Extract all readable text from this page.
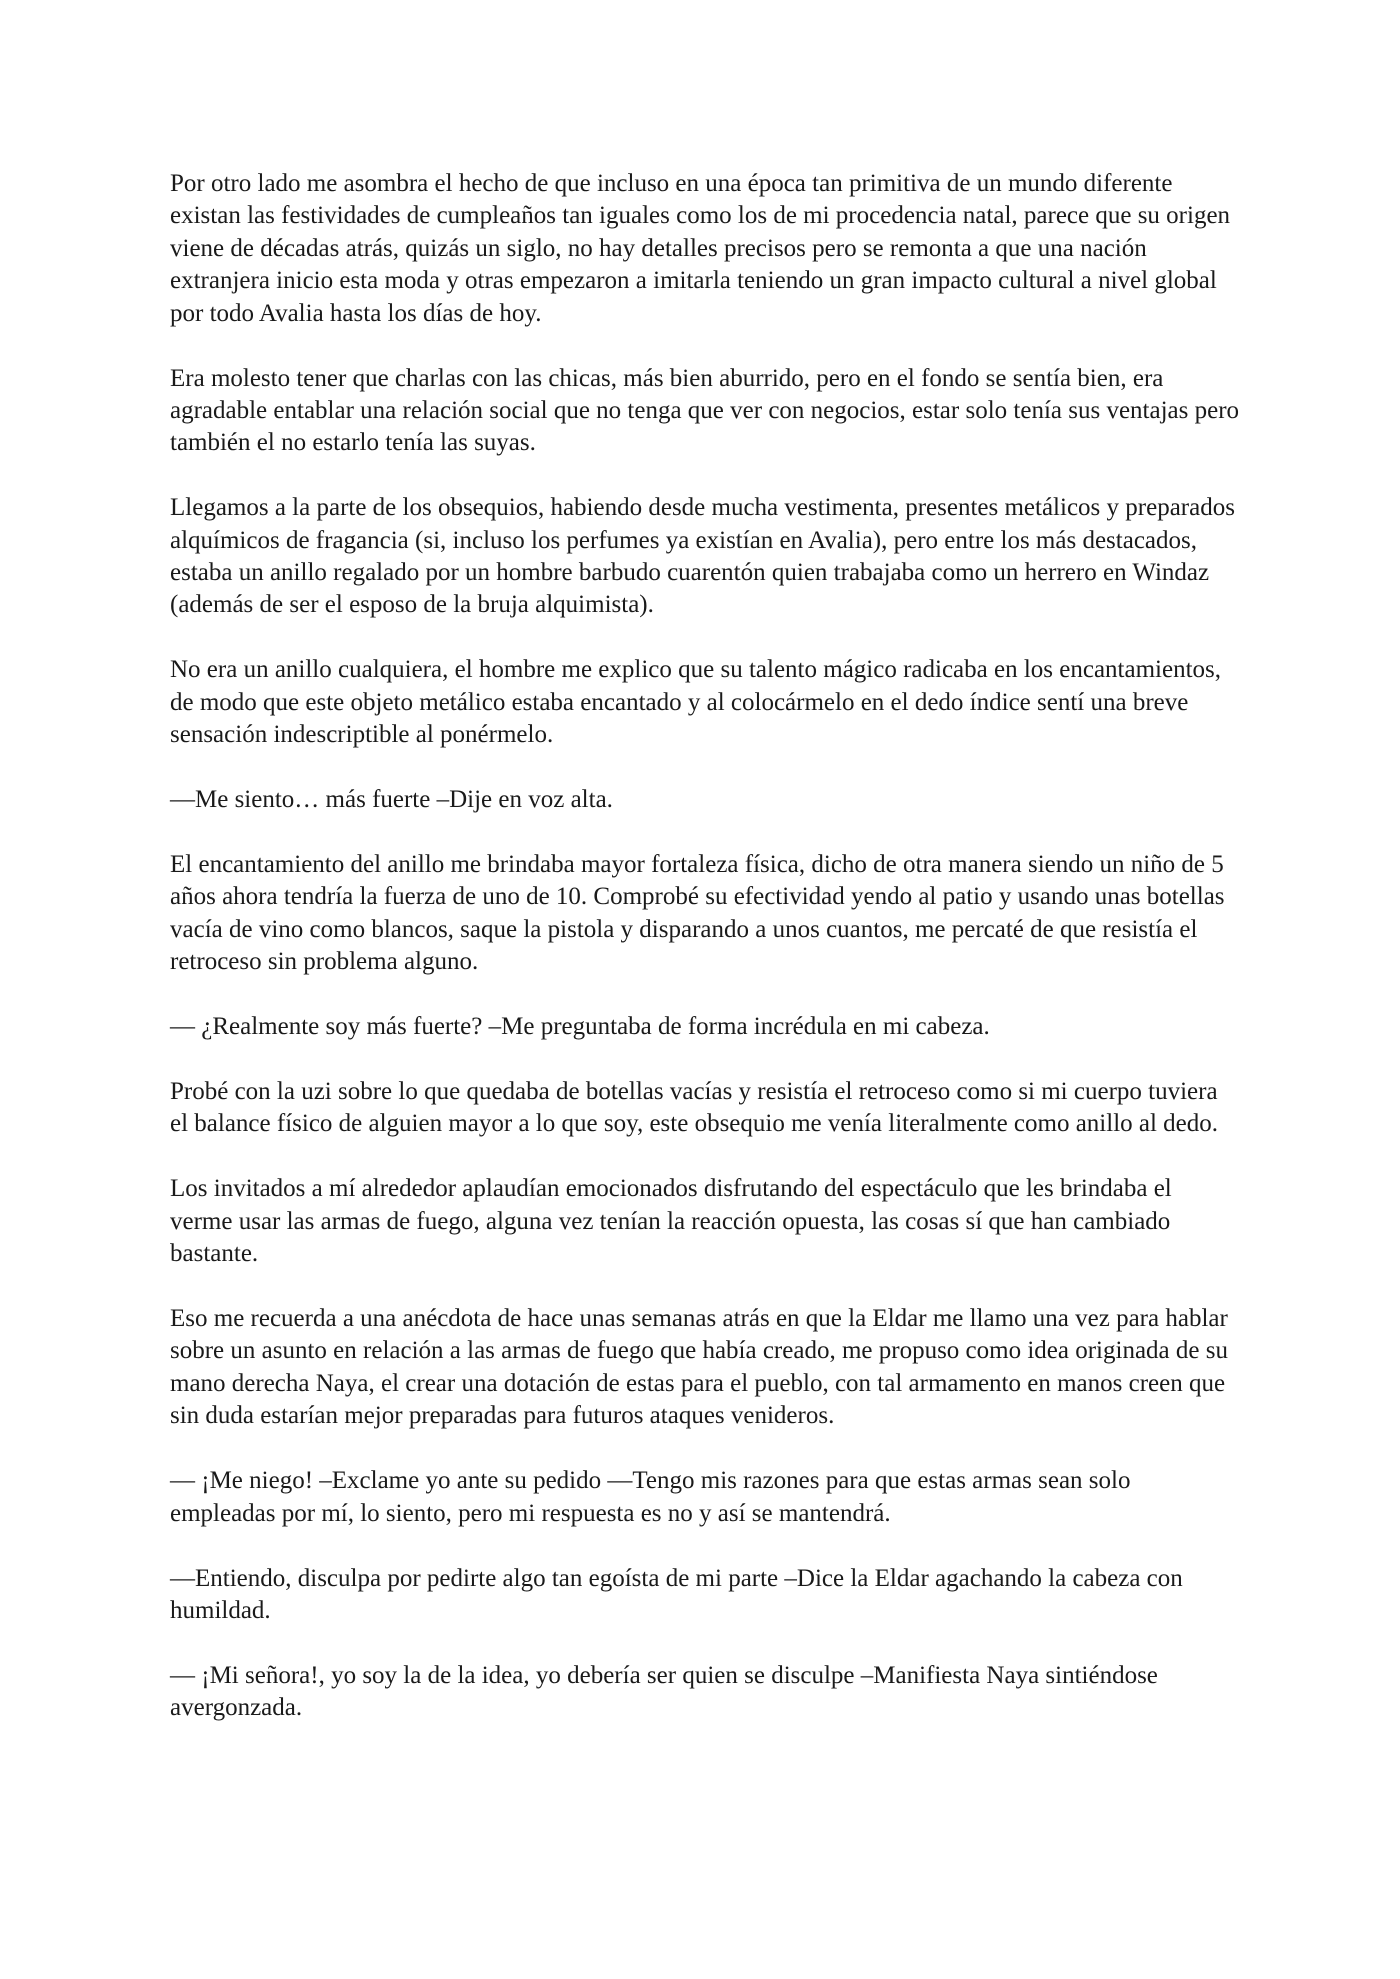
Por otro lado me asombra el hecho de que incluso en una época tan primitiva de un mundo diferente existan las festividades de cumpleaños tan iguales como los de mi procedencia natal, parece que su origen viene de décadas atrás, quizás un siglo, no hay detalles precisos pero se remonta a que una nación extranjera inicio esta moda y otras empezaron a imitarla teniendo un gran impacto cultural a nivel global por todo Avalia hasta los días de hoy.

Era molesto tener que charlas con las chicas, más bien aburrido, pero en el fondo se sentía bien, era agradable entablar una relación social que no tenga que ver con negocios, estar solo tenía sus ventajas pero también el no estarlo tenía las suyas.

Llegamos a la parte de los obsequios, habiendo desde mucha vestimenta, presentes metálicos y preparados alquímicos de fragancia (si, incluso los perfumes ya existían en Avalia), pero entre los más destacados, estaba un anillo regalado por un hombre barbudo cuarentón quien trabajaba como un herrero en Windaz (además de ser el esposo de la bruja alquimista).

No era un anillo cualquiera, el hombre me explico que su talento mágico radicaba en los encantamientos, de modo que este objeto metálico estaba encantado y al colocármelo en el dedo índice sentí una breve sensación indescriptible al ponérmelo.

—Me siento… más fuerte –Dije en voz alta.

El encantamiento del anillo me brindaba mayor fortaleza física, dicho de otra manera siendo un niño de 5 años ahora tendría la fuerza de uno de 10. Comprobé su efectividad yendo al patio y usando unas botellas vacía de vino como blancos, saque la pistola y disparando a unos cuantos, me percaté de que resistía el retroceso sin problema alguno.

— ¿Realmente soy más fuerte? –Me preguntaba de forma incrédula en mi cabeza.

Probé con la uzi sobre lo que quedaba de botellas vacías y resistía el retroceso como si mi cuerpo tuviera el balance físico de alguien mayor a lo que soy, este obsequio me venía literalmente como anillo al dedo.

Los invitados a mí alrededor aplaudían emocionados disfrutando del espectáculo que les brindaba el verme usar las armas de fuego, alguna vez tenían la reacción opuesta, las cosas sí que han cambiado bastante.

Eso me recuerda a una anécdota de hace unas semanas atrás en que la Eldar me llamo una vez para hablar sobre un asunto en relación a las armas de fuego que había creado, me propuso como idea originada de su mano derecha Naya, el crear una dotación de estas para el pueblo, con tal armamento en manos creen que sin duda estarían mejor preparadas para futuros ataques venideros.

— ¡Me niego! –Exclame yo ante su pedido —Tengo mis razones para que estas armas sean solo empleadas por mí, lo siento, pero mi respuesta es no y así se mantendrá.

—Entiendo, disculpa por pedirte algo tan egoísta de mi parte –Dice la Eldar agachando la cabeza con humildad.

— ¡Mi señora!, yo soy la de la idea, yo debería ser quien se disculpe –Manifiesta Naya sintiéndose avergonzada.
